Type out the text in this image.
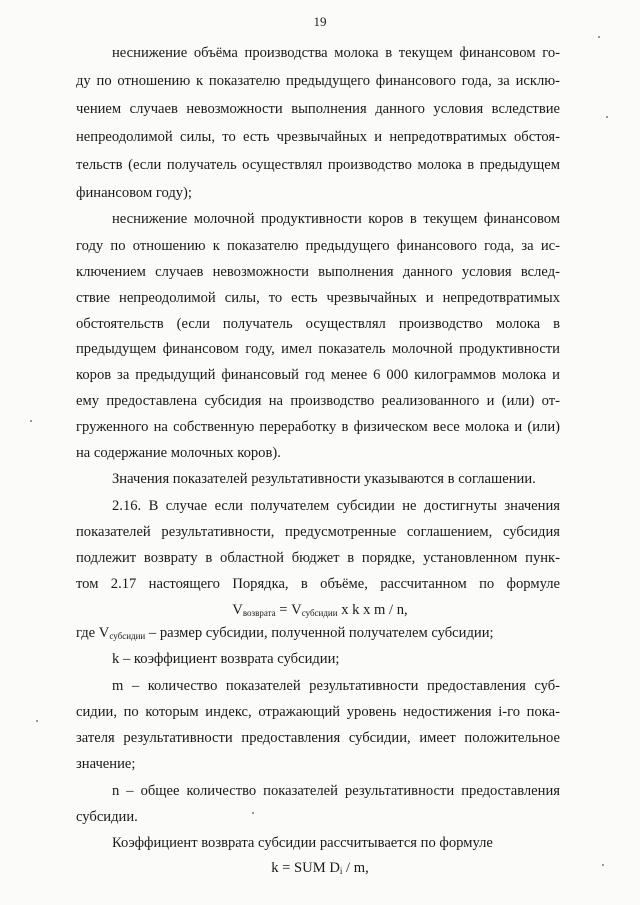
19
неснижение объёма производства молока в текущем финансовом го-
ду по отношению к показателю предыдущего финансового года, за исклю-
чением случаев невозможности выполнения данного условия вследствие
непреодолимой силы, то есть чрезвычайных и непредотвратимых обстоя-
тельств (если получатель осуществлял производство молока в предыдущем
финансовом году);
неснижение молочной продуктивности коров в текущем финансовом
году по отношению к показателю предыдущего финансового года, за ис-
ключением случаев невозможности выполнения данного условия вслед-
ствие непреодолимой силы, то есть чрезвычайных и непредотвратимых
обстоятельств (если получатель осуществлял производство молока в
предыдущем финансовом году, имел показатель молочной продуктивности
коров за предыдущий финансовый год менее 6 000 килограммов молока и
ему предоставлена субсидия на производство реализованного и (или) от-
груженного на собственную переработку в физическом весе молока и (или)
на содержание молочных коров).
Значения показателей результативности указываются в соглашении.
2.16. В случае если получателем субсидии не достигнуты значения
показателей результативности, предусмотренные соглашением, субсидия
подлежит возврату в областной бюджет в порядке, установленном пунк-
том 2.17 настоящего Порядка, в объёме, рассчитанном по формуле
$V_{возврата} = V_{субсидии}$ x k x m / n,
где $V_{субсидии}$ – размер субсидии, полученной получателем субсидии;
k – коэффициент возврата субсидии;
m – количество показателей результативности предоставления суб-
сидии, по которым индекс, отражающий уровень недостижения i-го пока-
зателя результативности предоставления субсидии, имеет положительное
значение;
n – общее количество показателей результативности предоставления
субсидии.
Коэффициент возврата субсидии рассчитывается по формуле
k = SUM $D_i$ / m,
